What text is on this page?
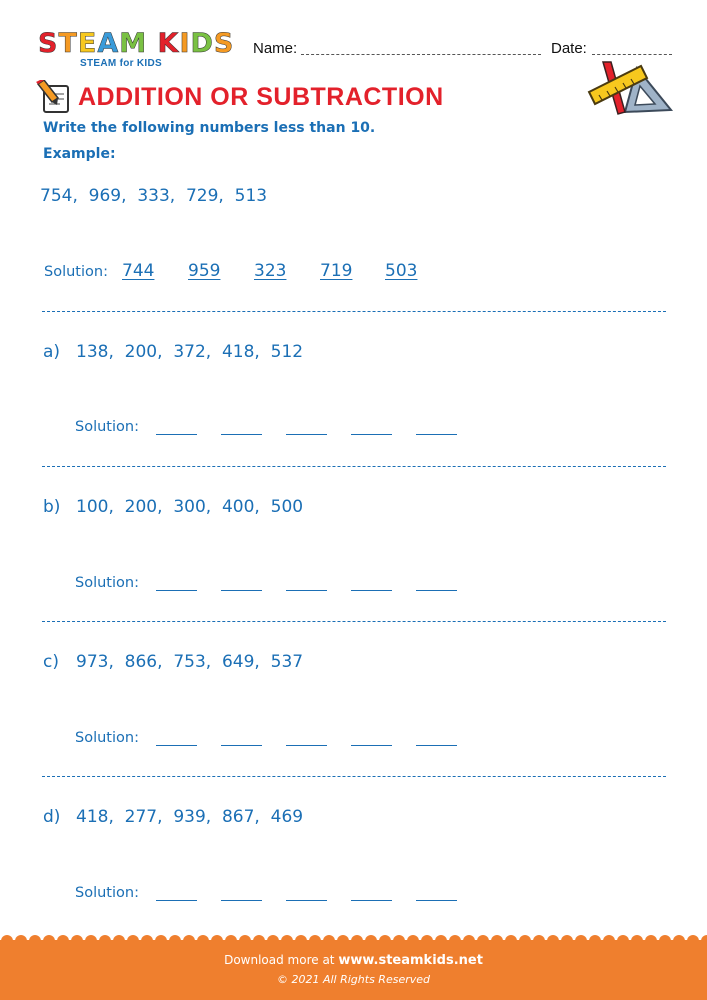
STEAM KIDS
STEAM for KIDS
Name:	Date:
ADDITION OR SUBTRACTION
Write the following numbers less than 10.
Example:
754,  969,  333,  729,  513
Solution: 744 959 323 719 503
a) 138,  200,  372,  418,  512
Solution:
b) 100,  200,  300,  400,  500
Solution:
c) 973,  866,  753,  649,  537
Solution:
d) 418,  277,  939,  867,  469
Solution:
Download more at www.steamkids.net
© 2021 All Rights Reserved
